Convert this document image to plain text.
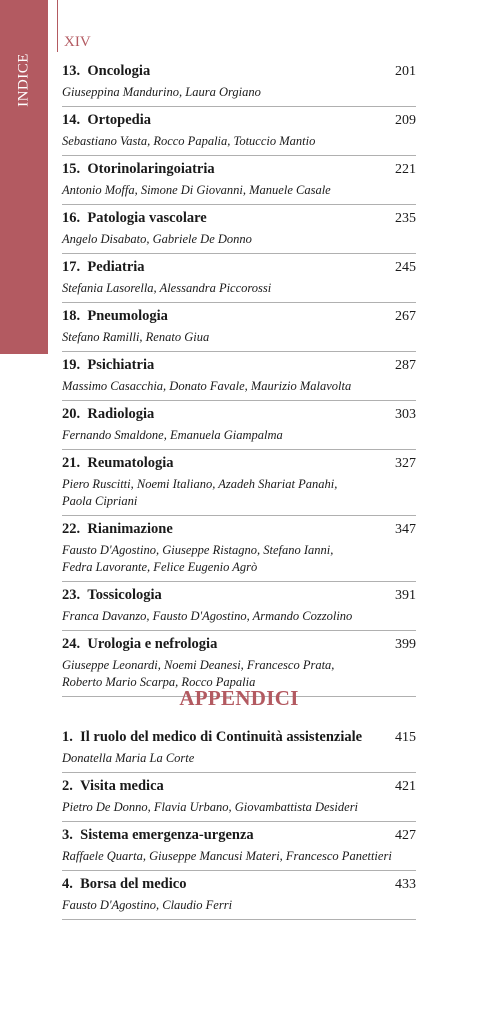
INDICE
XIV
13. Oncologia	201
Giuseppina Mandurino, Laura Orgiano
14. Ortopedia	209
Sebastiano Vasta, Rocco Papalia, Totuccio Mantio
15. Otorinolaringoiatria	221
Antonio Moffa, Simone Di Giovanni, Manuele Casale
16. Patologia vascolare	235
Angelo Disabato, Gabriele De Donno
17. Pediatria	245
Stefania Lasorella, Alessandra Piccorossi
18. Pneumologia	267
Stefano Ramilli, Renato Giua
19. Psichiatria	287
Massimo Casacchia, Donato Favale, Maurizio Malavolta
20. Radiologia	303
Fernando Smaldone, Emanuela Giampalma
21. Reumatologia	327
Piero Ruscitti, Noemi Italiano, Azadeh Shariat Panahi,
Paola Cipriani
22. Rianimazione	347
Fausto D'Agostino, Giuseppe Ristagno, Stefano Ianni,
Fedra Lavorante, Felice Eugenio Agrò
23. Tossicologia	391
Franca Davanzo, Fausto D'Agostino, Armando Cozzolino
24. Urologia e nefrologia	399
Giuseppe Leonardi, Noemi Deanesi, Francesco Prata,
Roberto Mario Scarpa, Rocco Papalia
APPENDICI
1. Il ruolo del medico di Continuità assistenziale 415
Donatella Maria La Corte
2. Visita medica	421
Pietro De Donno, Flavia Urbano, Giovambattista Desideri
3. Sistema emergenza-urgenza	427
Raffaele Quarta, Giuseppe Mancusi Materi, Francesco Panettieri
4. Borsa del medico	433
Fausto D'Agostino, Claudio Ferri
